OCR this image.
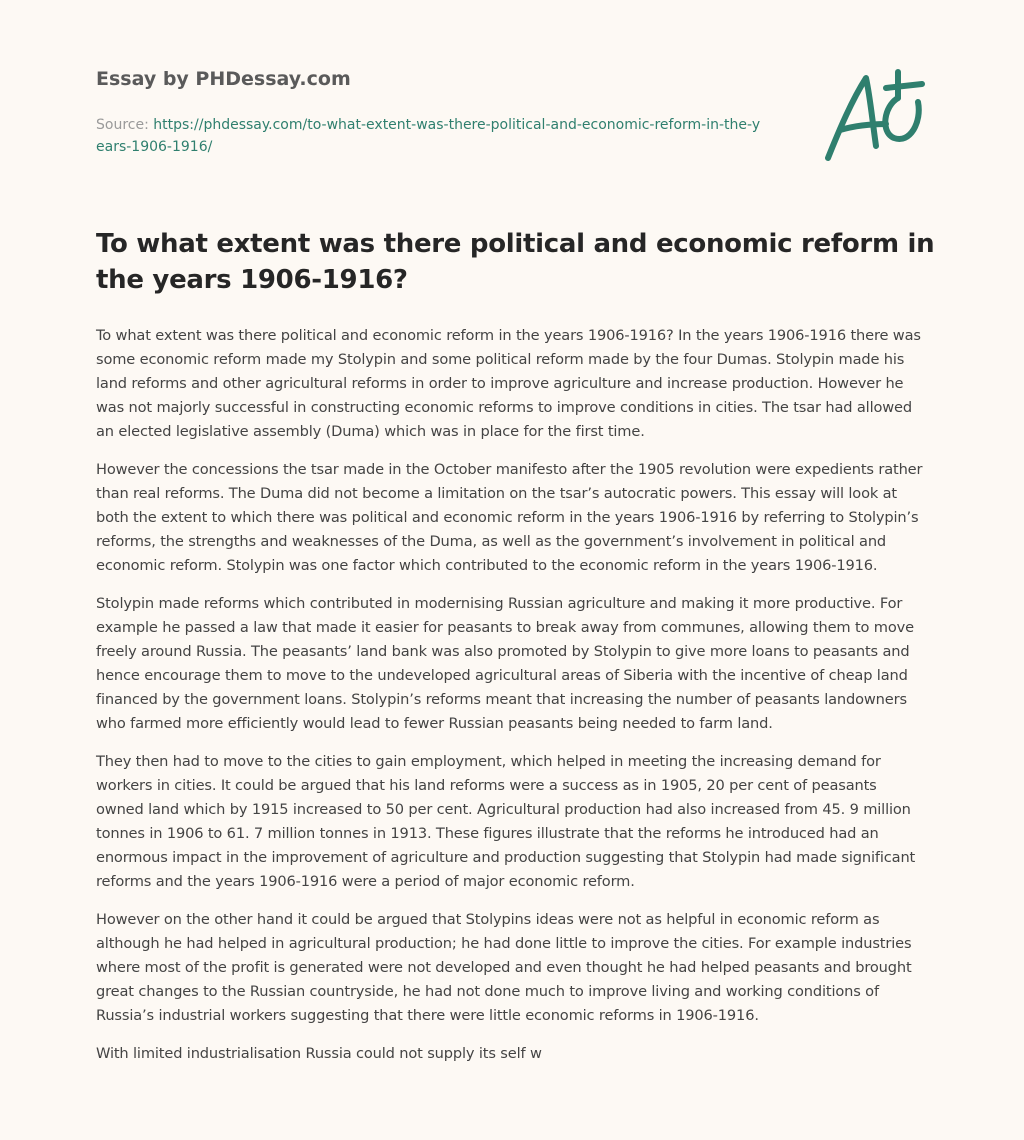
Essay by PHDessay.com
Source: https://phdessay.com/to-what-extent-was-there-political-and-economic-reform-in-the-years-1906-1916/
To what extent was there political and economic reform in the years 1906-1916?

To what extent was there political and economic reform in the years 1906-1916? In the years 1906-1916 there was some economic reform made my Stolypin and some political reform made by the four Dumas. Stolypin made his land reforms and other agricultural reforms in order to improve agriculture and increase production. However he was not majorly successful in constructing economic reforms to improve conditions in cities. The tsar had allowed an elected legislative assembly (Duma) which was in place for the first time.

However the concessions the tsar made in the October manifesto after the 1905 revolution were expedients rather than real reforms. The Duma did not become a limitation on the tsar’s autocratic powers. This essay will look at both the extent to which there was political and economic reform in the years 1906-1916 by referring to Stolypin’s reforms, the strengths and weaknesses of the Duma, as well as the government’s involvement in political and economic reform. Stolypin was one factor which contributed to the economic reform in the years 1906-1916.

Stolypin made reforms which contributed in modernising Russian agriculture and making it more productive. For example he passed a law that made it easier for peasants to break away from communes, allowing them to move freely around Russia. The peasants’ land bank was also promoted by Stolypin to give more loans to peasants and hence encourage them to move to the undeveloped agricultural areas of Siberia with the incentive of cheap land financed by the government loans. Stolypin’s reforms meant that increasing the number of peasants landowners who farmed more efficiently would lead to fewer Russian peasants being needed to farm land.

They then had to move to the cities to gain employment, which helped in meeting the increasing demand for workers in cities. It could be argued that his land reforms were a success as in 1905, 20 per cent of peasants owned land which by 1915 increased to 50 per cent. Agricultural production had also increased from 45. 9 million tonnes in 1906 to 61. 7 million tonnes in 1913. These figures illustrate that the reforms he introduced had an enormous impact in the improvement of agriculture and production suggesting that Stolypin had made significant reforms and the years 1906-1916 were a period of major economic reform.

However on the other hand it could be argued that Stolypins ideas were not as helpful in economic reform as although he had helped in agricultural production; he had done little to improve the cities. For example industries where most of the profit is generated were not developed and even thought he had helped peasants and brought great changes to the Russian countryside, he had not done much to improve living and working conditions of Russia’s industrial workers suggesting that there were little economic reforms in 1906-1916.

With limited industrialisation Russia could not supply its self w
